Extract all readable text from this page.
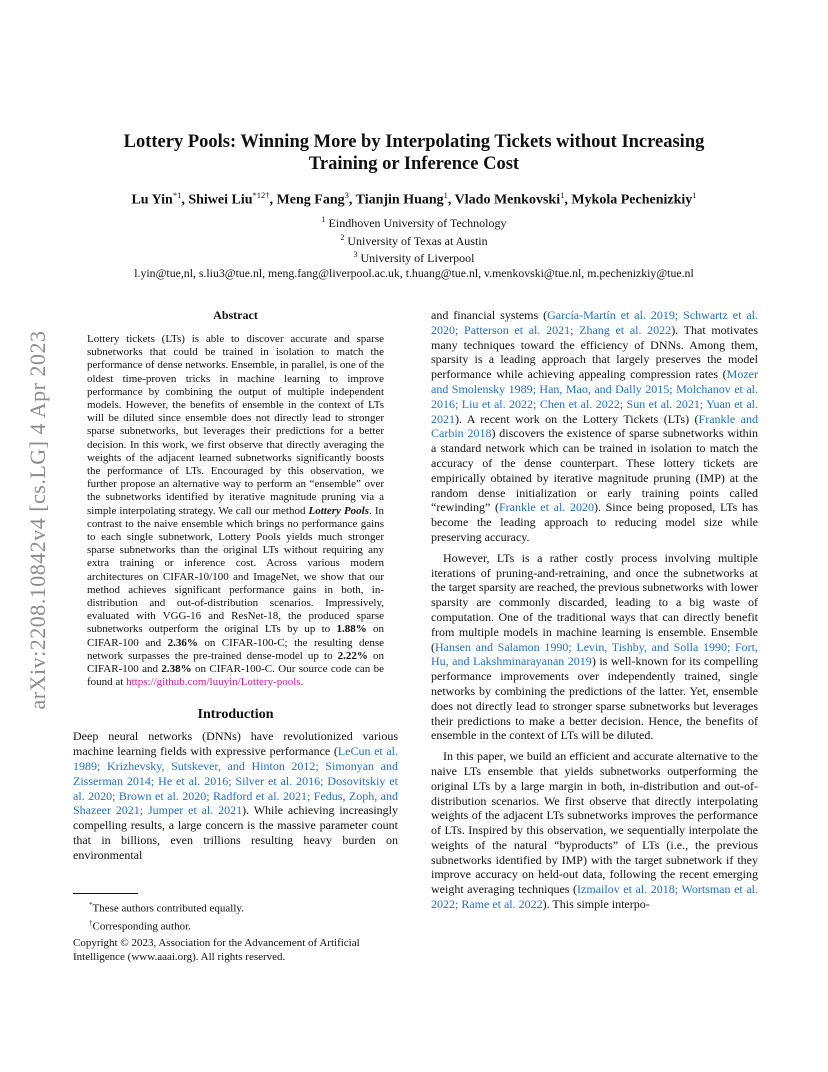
arXiv:2208.10842v4 [cs.LG] 4 Apr 2023
Lottery Pools: Winning More by Interpolating Tickets without Increasing
Training or Inference Cost
Lu Yin$^{*1}$, Shiwei Liu$^{*12\dagger}$, Meng Fang$^3$, Tianjin Huang$^1$, Vlado Menkovski$^1$, Mykola Pechenizkiy$^1$
$^1$ Eindhoven University of Technology
$^2$ University of Texas at Austin
$^3$ University of Liverpool
l.yin@tue,nl, s.liu3@tue.nl, meng.fang@liverpool.ac.uk, t.huang@tue.nl, v.menkovski@tue.nl, m.pechenizkiy@tue.nl
Abstract

Lottery tickets (LTs) is able to discover accurate and sparse subnetworks that could be trained in isolation to match the performance of dense networks. Ensemble, in parallel, is one of the oldest time-proven tricks in machine learning to improve performance by combining the output of multiple independent models. However, the benefits of ensemble in the context of LTs will be diluted since ensemble does not directly lead to stronger sparse subnetworks, but leverages their predictions for a better decision. In this work, we first observe that directly averaging the weights of the adjacent learned subnetworks significantly boosts the performance of LTs. Encouraged by this observation, we further propose an alternative way to perform an “ensemble” over the subnetworks identified by iterative magnitude pruning via a simple interpolating strategy. We call our method Lottery Pools. In contrast to the naive ensemble which brings no performance gains to each single subnetwork, Lottery Pools yields much stronger sparse subnetworks than the original LTs without requiring any extra training or inference cost. Across various modern architectures on CIFAR-10/100 and ImageNet, we show that our method achieves significant performance gains in both, in-distribution and out-of-distribution scenarios. Impressively, evaluated with VGG-16 and ResNet-18, the produced sparse subnetworks outperform the original LTs by up to 1.88% on CIFAR-100 and 2.36% on CIFAR-100-C; the resulting dense network surpasses the pre-trained dense-model up to 2.22% on CIFAR-100 and 2.38% on CIFAR-100-C. Our source code can be found at https://github.com/luuyin/Lottery-pools.

Introduction

Deep neural networks (DNNs) have revolutionized various machine learning fields with expressive performance (LeCun et al. 1989; Krizhevsky, Sutskever, and Hinton 2012; Simonyan and Zisserman 2014; He et al. 2016; Silver et al. 2016; Dosovitskiy et al. 2020; Brown et al. 2020; Radford et al. 2021; Fedus, Zoph, and Shazeer 2021; Jumper et al. 2021). While achieving increasingly compelling results, a large concern is the massive parameter count that in billions, even trillions resulting heavy burden on environmental

*These authors contributed equally.
†Corresponding author.
Copyright © 2023, Association for the Advancement of Artificial Intelligence (www.aaai.org). All rights reserved.

and financial systems (García-Martín et al. 2019; Schwartz et al. 2020; Patterson et al. 2021; Zhang et al. 2022). That motivates many techniques toward the efficiency of DNNs. Among them, sparsity is a leading approach that largely preserves the model performance while achieving appealing compression rates (Mozer and Smolensky 1989; Han, Mao, and Dally 2015; Molchanov et al. 2016; Liu et al. 2022; Chen et al. 2022; Sun et al. 2021; Yuan et al. 2021). A recent work on the Lottery Tickets (LTs) (Frankle and Carbin 2018) discovers the existence of sparse subnetworks within a standard network which can be trained in isolation to match the accuracy of the dense counterpart. These lottery tickets are empirically obtained by iterative magnitude pruning (IMP) at the random dense initialization or early training points called “rewinding” (Frankle et al. 2020). Since being proposed, LTs has become the leading approach to reducing model size while preserving accuracy.

However, LTs is a rather costly process involving multiple iterations of pruning-and-retraining, and once the subnetworks at the target sparsity are reached, the previous subnetworks with lower sparsity are commonly discarded, leading to a big waste of computation. One of the traditional ways that can directly benefit from multiple models in machine learning is ensemble. Ensemble (Hansen and Salamon 1990; Levin, Tishby, and Solla 1990; Fort, Hu, and Lakshminarayanan 2019) is well-known for its compelling performance improvements over independently trained, single networks by combining the predictions of the latter. Yet, ensemble does not directly lead to stronger sparse subnetworks but leverages their predictions to make a better decision. Hence, the benefits of ensemble in the context of LTs will be diluted.

In this paper, we build an efficient and accurate alternative to the naive LTs ensemble that yields subnetworks outperforming the original LTs by a large margin in both, in-distribution and out-of-distribution scenarios. We first observe that directly interpolating weights of the adjacent LTs subnetworks improves the performance of LTs. Inspired by this observation, we sequentially interpolate the weights of the natural “byproducts” of LTs (i.e., the previous subnetworks identified by IMP) with the target subnetwork if they improve accuracy on held-out data, following the recent emerging weight averaging techniques (Izmailov et al. 2018; Wortsman et al. 2022; Rame et al. 2022). This simple interpo-
